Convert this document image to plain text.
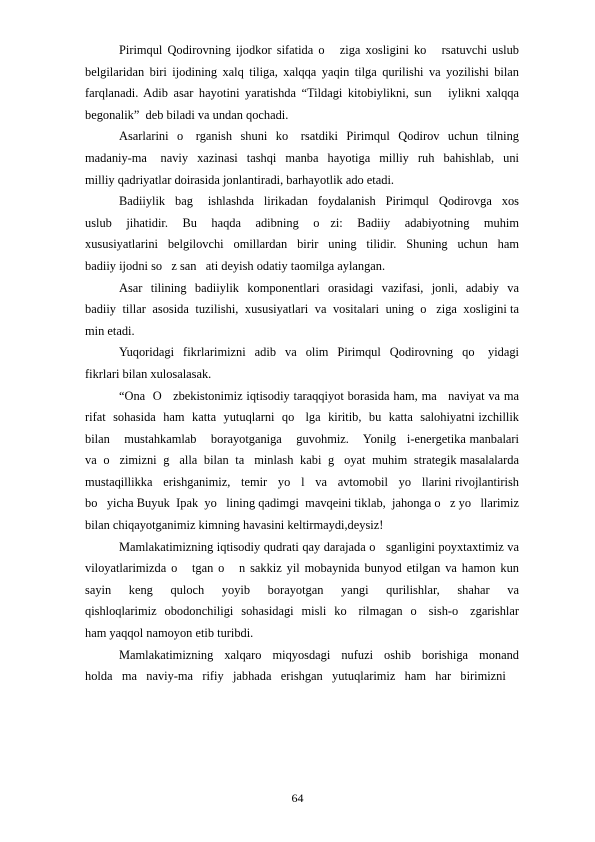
Pirimqul Qodirovning ijodkor sifatida o   ziga xosligini ko   rsatuvchi uslub belgilaridan biri ijodining xalq tiliga, xalqqa yaqin tilga qurilishi va yozilishi bilan farqlanadi. Adib asar hayotini yaratishda “Tildagi kitobiylikni, sun   iylikni xalqqa begonalik”  deb biladi va undan qochadi.

Asarlarini  o   rganish  shuni  ko   rsatdiki  Pirimqul  Qodirov  uchun  tilning madaniy-ma   naviy  xazinasi  tashqi  manba  hayotiga  milliy  ruh  bahishlab,  uni milliy qadriyatlar doirasida jonlantiradi, barhayotlik ado etadi.

Badiiylik  bag   ishlashda  lirikadan  foydalanish  Pirimqul  Qodirovga  xos uslub    jihatidir.    Bu    haqda    adibning    o   zi:    Badiiy    adabiyotning    muhim xususiyatlarini  belgilovchi  omillardan  birir  uning  tilidir.  Shuning  uchun  ham badiiy ijodni so   z san   ati deyish odatiy taomilga aylangan.

Asar  tilining  badiiylik  komponentlari  orasidagi  vazifasi,  jonli,  adabiy  va badiiy  tillar  asosida  tuzilishi,  xususiyatlari  va  vositalari  uning  o   ziga  xosligini ta   min etadi.

Yuqoridagi  fikrlarimizni  adib  va  olim  Pirimqul  Qodirovning  qo   yidagi fikrlari bilan xulosalasak.

“Ona  O   zbekistonimiz iqtisodiy taraqqiyot borasida ham, ma   naviyat va ma   rifat  sohasida  ham  katta  yutuqlarni  qo   lga  kiritib,  bu  katta  salohiyatni izchillik    bilan    mustahkamlab    borayotganiga    guvohmiz.    Yonilg   i-energetika manbalari  va  o   zimizni  g   alla  bilan  ta   minlash  kabi  g   oyat  muhim  strategik masalalarda   mustaqillikka   erishganimiz,   temir   yo   l   va   avtomobil   yo   llarini rivojlantirish  bo   yicha Buyuk  Ipak  yo   lining qadimgi  mavqeini tiklab,  jahonga o   z yo   llarimiz bilan chiqayotganimiz kimning havasini keltirmaydi,deysiz!

Mamlakatimizning iqtisodiy qudrati qay darajada o   sganligini poyxtaxtimiz va viloyatlarimizda o   tgan o   n sakkiz yil mobaynida bunyod etilgan va hamon kun    sayin    keng    quloch    yoyib    borayotgan    yangi    qurilishlar,    shahar    va qishloqlarimiz  obodonchiligi  sohasidagi  misli  ko   rilmagan  o   sish-o   zgarishlar ham yaqqol namoyon etib turibdi.

Mamlakatimizning   xalqaro   miqyosdagi   nufuzi   oshib   borishiga   monand holda   ma   naviy-ma   rifiy   jabhada   erishgan   yutuqlarimiz   ham   har   birimizni

64
